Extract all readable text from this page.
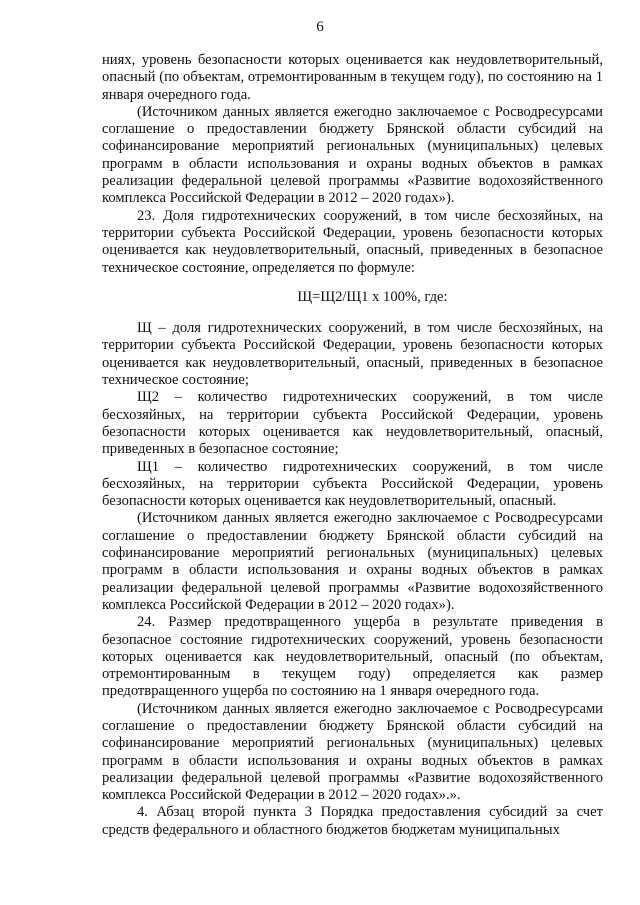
6

ниях, уровень безопасности которых оценивается как неудовлетворительный, опасный (по объектам, отремонтированным в текущем году), по состоянию на 1 января очередного года.

(Источником данных является ежегодно заключаемое с Росводресурсами соглашение о предоставлении бюджету Брянской области субсидий на софинансирование мероприятий региональных (муниципальных) целевых программ в области использования и охраны водных объектов в рамках реализации федеральной целевой программы «Развитие водохозяйственного комплекса Российской Федерации в 2012 – 2020 годах»).

23. Доля гидротехнических сооружений, в том числе бесхозяйных, на территории субъекта Российской Федерации, уровень безопасности которых оценивается как неудовлетворительный, опасный, приведенных в безопасное техническое состояние, определяется по формуле:

Щ=Щ2/Щ1 х 100%, где:

Щ – доля гидротехнических сооружений, в том числе бесхозяйных, на территории субъекта Российской Федерации, уровень безопасности которых оценивается как неудовлетворительный, опасный, приведенных в безопасное техническое состояние;

Щ2 – количество гидротехнических сооружений, в том числе бесхозяйных, на территории субъекта Российской Федерации, уровень безопасности которых оценивается как неудовлетворительный, опасный, приведенных в безопасное состояние;

Щ1 – количество гидротехнических сооружений, в том числе бесхозяйных, на территории субъекта Российской Федерации, уровень безопасности которых оценивается как неудовлетворительный, опасный.

(Источником данных является ежегодно заключаемое с Росводресурсами соглашение о предоставлении бюджету Брянской области субсидий на софинансирование мероприятий региональных (муниципальных) целевых программ в области использования и охраны водных объектов в рамках реализации федеральной целевой программы «Развитие водохозяйственного комплекса Российской Федерации в 2012 – 2020 годах»).

24. Размер предотвращенного ущерба в результате приведения в безопасное состояние гидротехнических сооружений, уровень безопасности которых оценивается как неудовлетворительный, опасный (по объектам, отремонтированным в текущем году) определяется как размер предотвращенного ущерба по состоянию на 1 января очередного года.

(Источником данных является ежегодно заключаемое с Росводресурсами соглашение о предоставлении бюджету Брянской области субсидий на софинансирование мероприятий региональных (муниципальных) целевых программ в области использования и охраны водных объектов в рамках реализации федеральной целевой программы «Развитие водохозяйственного комплекса Российской Федерации в 2012 – 2020 годах».».

4. Абзац второй пункта 3 Порядка предоставления субсидий за счет средств федерального и областного бюджетов бюджетам муниципальных
